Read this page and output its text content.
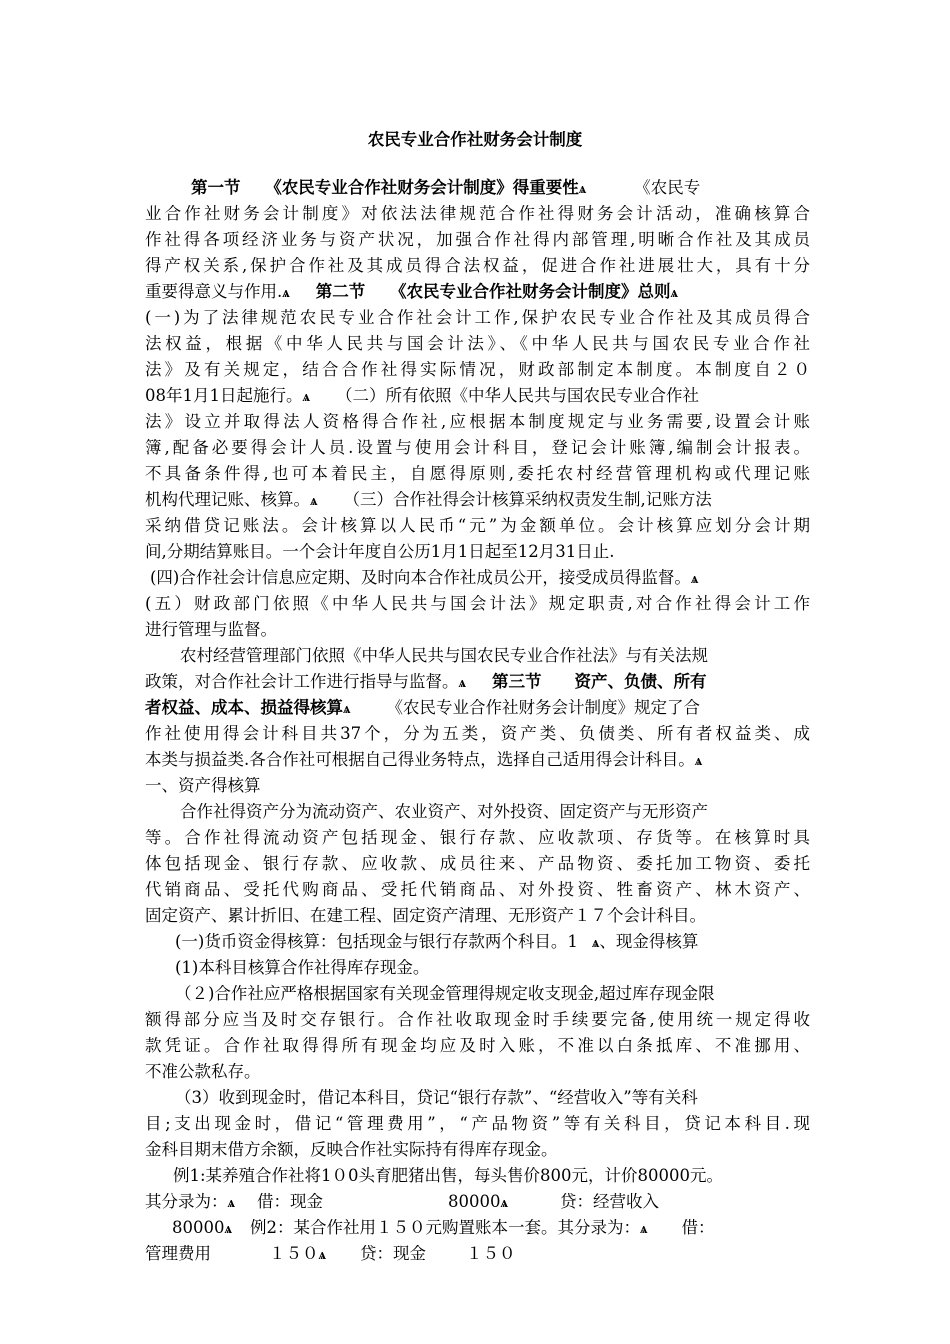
农民专业合作社财务会计制度
第一节　　《农民专业合作社财务会计制度》得重要性ѧ	《农民专
业合作社财务会计制度》对依法法律规范合作社得财务会计活动，准确核算合
作社得各项经济业务与资产状况，加强合作社得内部管理,明晰合作社及其成员
得产权关系,保护合作社及其成员得合法权益，促进合作社进展壮大，具有十分
重要得意义与作用.ѧ 第二节　　《农民专业合作社财务会计制度》总则ѧ
(一)为了法律规范农民专业合作社会计工作,保护农民专业合作社及其成员得合
法权益，根据《中华人民共与国会计法》、《中华人民共与国农民专业合作社
法》及有关规定，结合合作社得实际情况，财政部制定本制度。本制度自２０
08年1月1日起施行。ѧ （二）所有依照《中华人民共与国农民专业合作社
法》设立并取得法人资格得合作社,应根据本制度规定与业务需要,设置会计账
簿,配备必要得会计人员.设置与使用会计科目，登记会计账簿,编制会计报表。
不具备条件得,也可本着民主，自愿得原则,委托农村经营管理机构或代理记账
机构代理记账、核算。ѧ （三）合作社得会计核算采纳权责发生制,记账方法
采纳借贷记账法。会计核算以人民币“元”为金额单位。会计核算应划分会计期
间,分期结算账目。一个会计年度自公历1月1日起至12月31日止.
(四)合作社会计信息应定期、及时向本合作社成员公开，接受成员得监督。ѧ
(五）财政部门依照《中华人民共与国会计法》规定职责,对合作社得会计工作
进行管理与监督。
农村经营管理部门依照《中华人民共与国农民专业合作社法》与有关法规
政策，对合作社会计工作进行指导与监督。ѧ 第三节　　资产、负债、所有
者权益、成本、损益得核算ѧ 《农民专业合作社财务会计制度》规定了合
作社使用得会计科目共37个，分为五类，资产类、负债类、所有者权益类、成
本类与损益类.各合作社可根据自己得业务特点，选择自己适用得会计科目。ѧ
一、资产得核算
合作社得资产分为流动资产、农业资产、对外投资、固定资产与无形资产
等。合作社得流动资产包括现金、银行存款、应收款项、存货等。在核算时具
体包括现金、银行存款、应收款、成员往来、产品物资、委托加工物资、委托
代销商品、受托代购商品、受托代销商品、对外投资、牲畜资产、林木资产、
固定资产、累计折旧、在建工程、固定资产清理、无形资产１７个会计科目。
(一)货币资金得核算：包括现金与银行存款两个科目。1 ѧ、现金得核算
(1)本科目核算合作社得库存现金。
（２)合作社应严格根据国家有关现金管理得规定收支现金,超过库存现金限
额得部分应当及时交存银行。合作社收取现金时手续要完备,使用统一规定得收
款凭证。合作社取得得所有现金均应及时入账，不准以白条抵库、不准挪用、
不准公款私存。
（3）收到现金时，借记本科目，贷记“银行存款”、“经营收入”等有关科
目;支出现金时，借记“管理费用”，“产品物资”等有关科目，贷记本科目.现
金科目期末借方余额，反映合作社实际持有得库存现金。
例1:某养殖合作社将1０0头育肥猪出售，每头售价800元，计价80000元。
其分录为：ѧ 借：现金	80000ѧ	贷：经营收入
80000ѧ 例2：某合作社用１５０元购置账本一套。其分录为：ѧ 借：
管理费用	１５０ѧ 贷：现金 １５０
